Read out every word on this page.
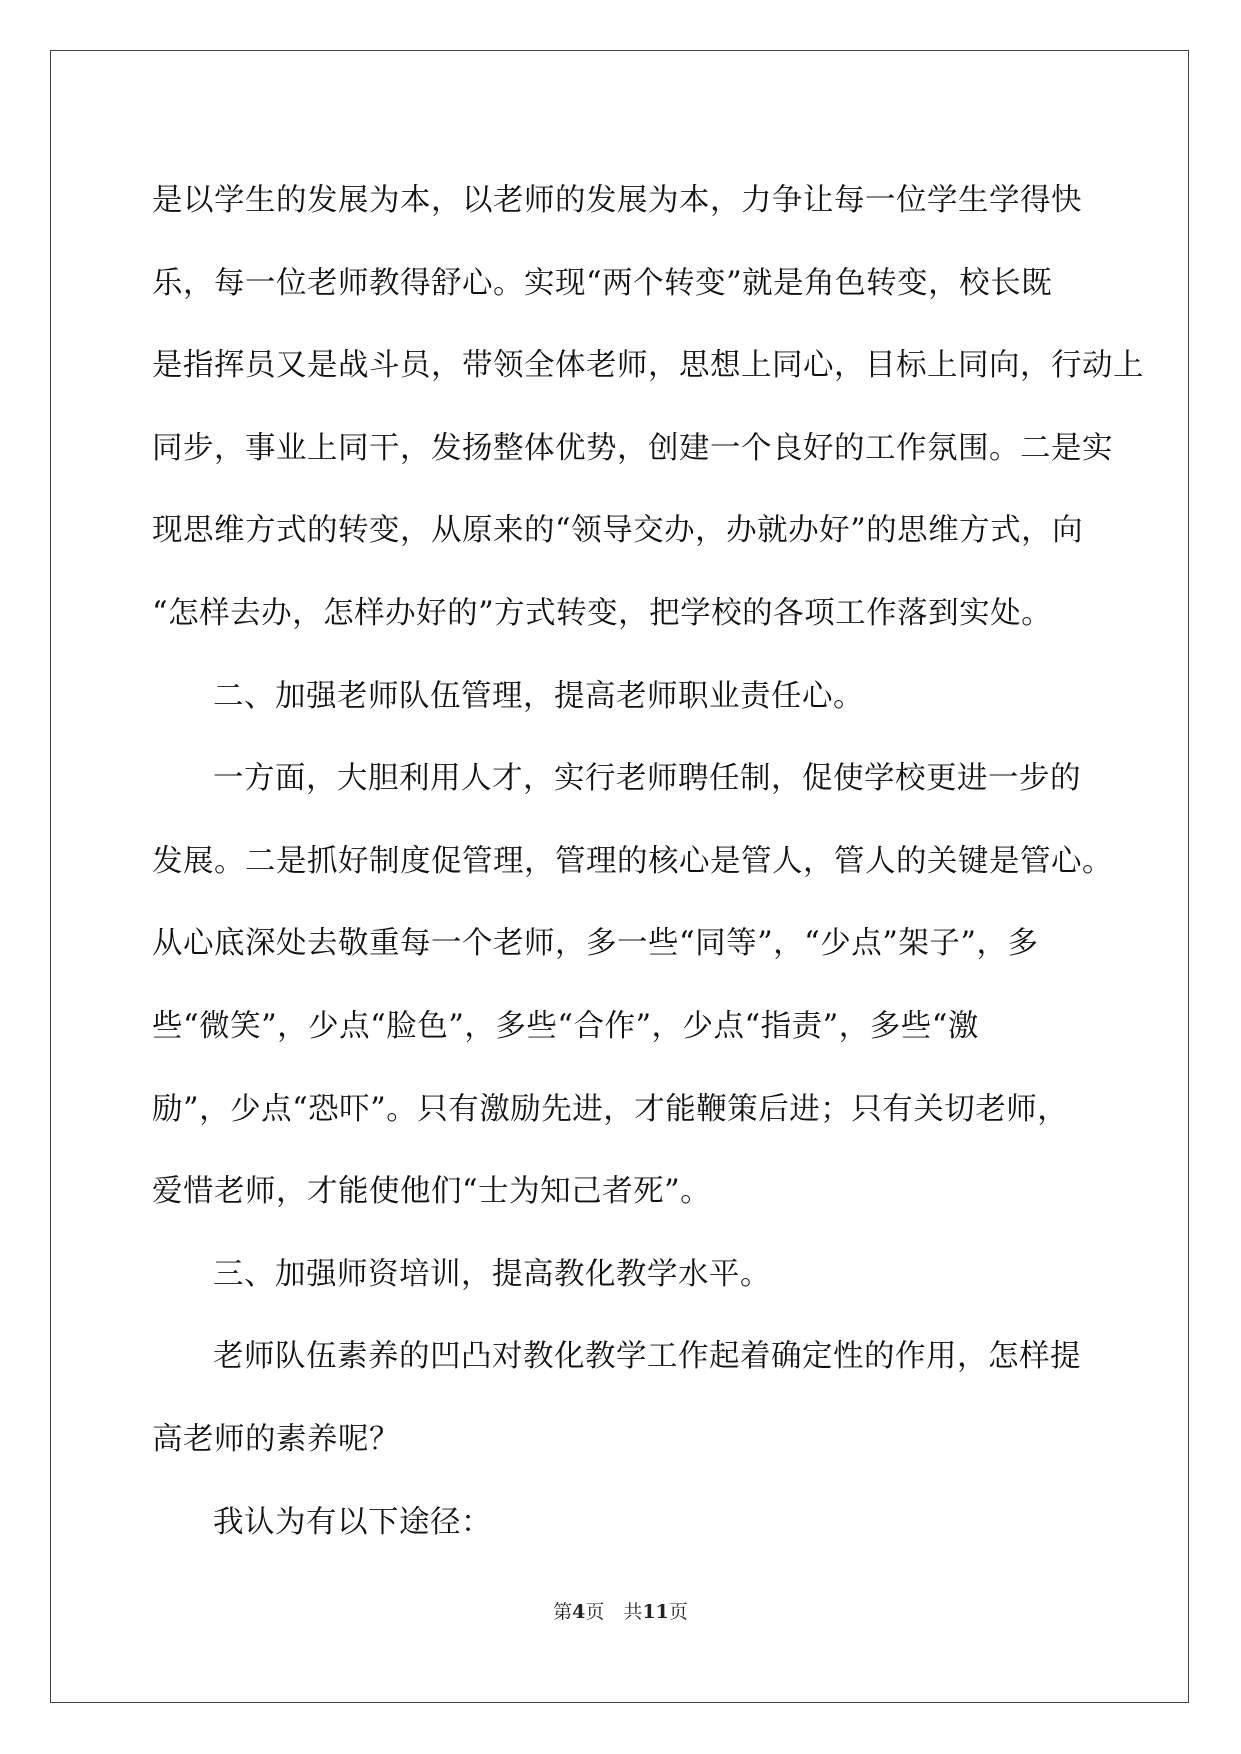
是以学生的发展为本，以老师的发展为本，力争让每一位学生学得快
乐，每一位老师教得舒心。实现“两个转变”就是角色转变，校长既
是指挥员又是战斗员，带领全体老师，思想上同心，目标上同向，行动上
同步，事业上同干，发扬整体优势，创建一个良好的工作氛围。二是实
现思维方式的转变，从原来的“领导交办，办就办好”的思维方式，向
“怎样去办，怎样办好的”方式转变，把学校的各项工作落到实处。
二、加强老师队伍管理，提高老师职业责任心。
一方面，大胆利用人才，实行老师聘任制，促使学校更进一步的
发展。二是抓好制度促管理，管理的核心是管人，管人的关键是管心。
从心底深处去敬重每一个老师，多一些“同等”，“少点”架子”，多
些“微笑”，少点“脸色”，多些“合作”，少点“指责”，多些“激
励”，少点“恐吓”。只有激励先进，才能鞭策后进；只有关切老师，
爱惜老师，才能使他们“士为知己者死”。
三、加强师资培训，提高教化教学水平。
老师队伍素养的凹凸对教化教学工作起着确定性的作用，怎样提
高老师的素养呢？
我认为有以下途径：
第4页　共11页
